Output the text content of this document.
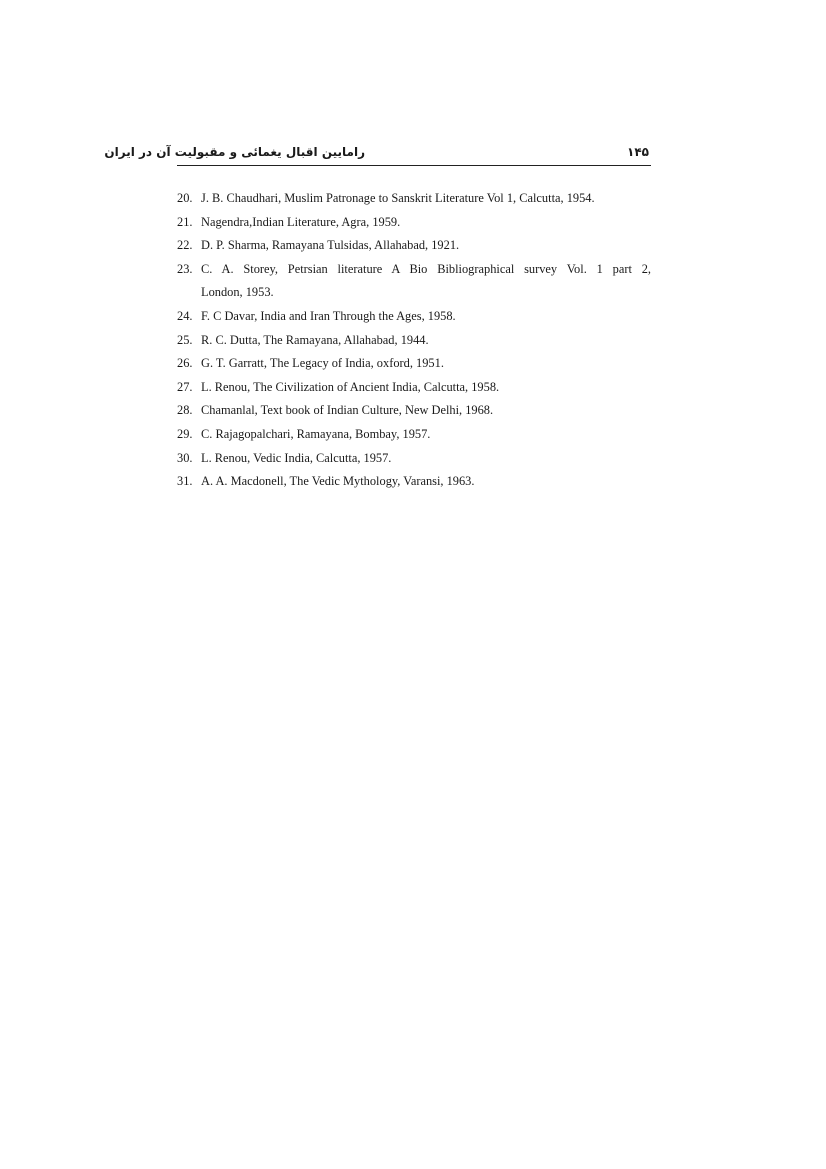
رامایین اقبال یغمائی و مقبولیت آن در ایران	۱۴۵
20. J. B. Chaudhari, Muslim Patronage to Sanskrit Literature Vol 1, Calcutta, 1954.
21. Nagendra,Indian Literature, Agra, 1959.
22. D. P. Sharma, Ramayana Tulsidas, Allahabad, 1921.
23. C. A. Storey, Petrsian literature A Bio Bibliographical survey Vol. 1 part 2,
London, 1953.
24. F. C Davar, India and Iran Through the Ages, 1958.
25. R. C. Dutta, The Ramayana, Allahabad, 1944.
26. G. T. Garratt, The Legacy of India, oxford, 1951.
27. L. Renou, The Civilization of Ancient India, Calcutta, 1958.
28. Chamanlal, Text book of Indian Culture, New Delhi, 1968.
29. C. Rajagopalchari, Ramayana, Bombay, 1957.
30. L. Renou, Vedic India, Calcutta, 1957.
31. A. A. Macdonell, The Vedic Mythology, Varansi, 1963.
